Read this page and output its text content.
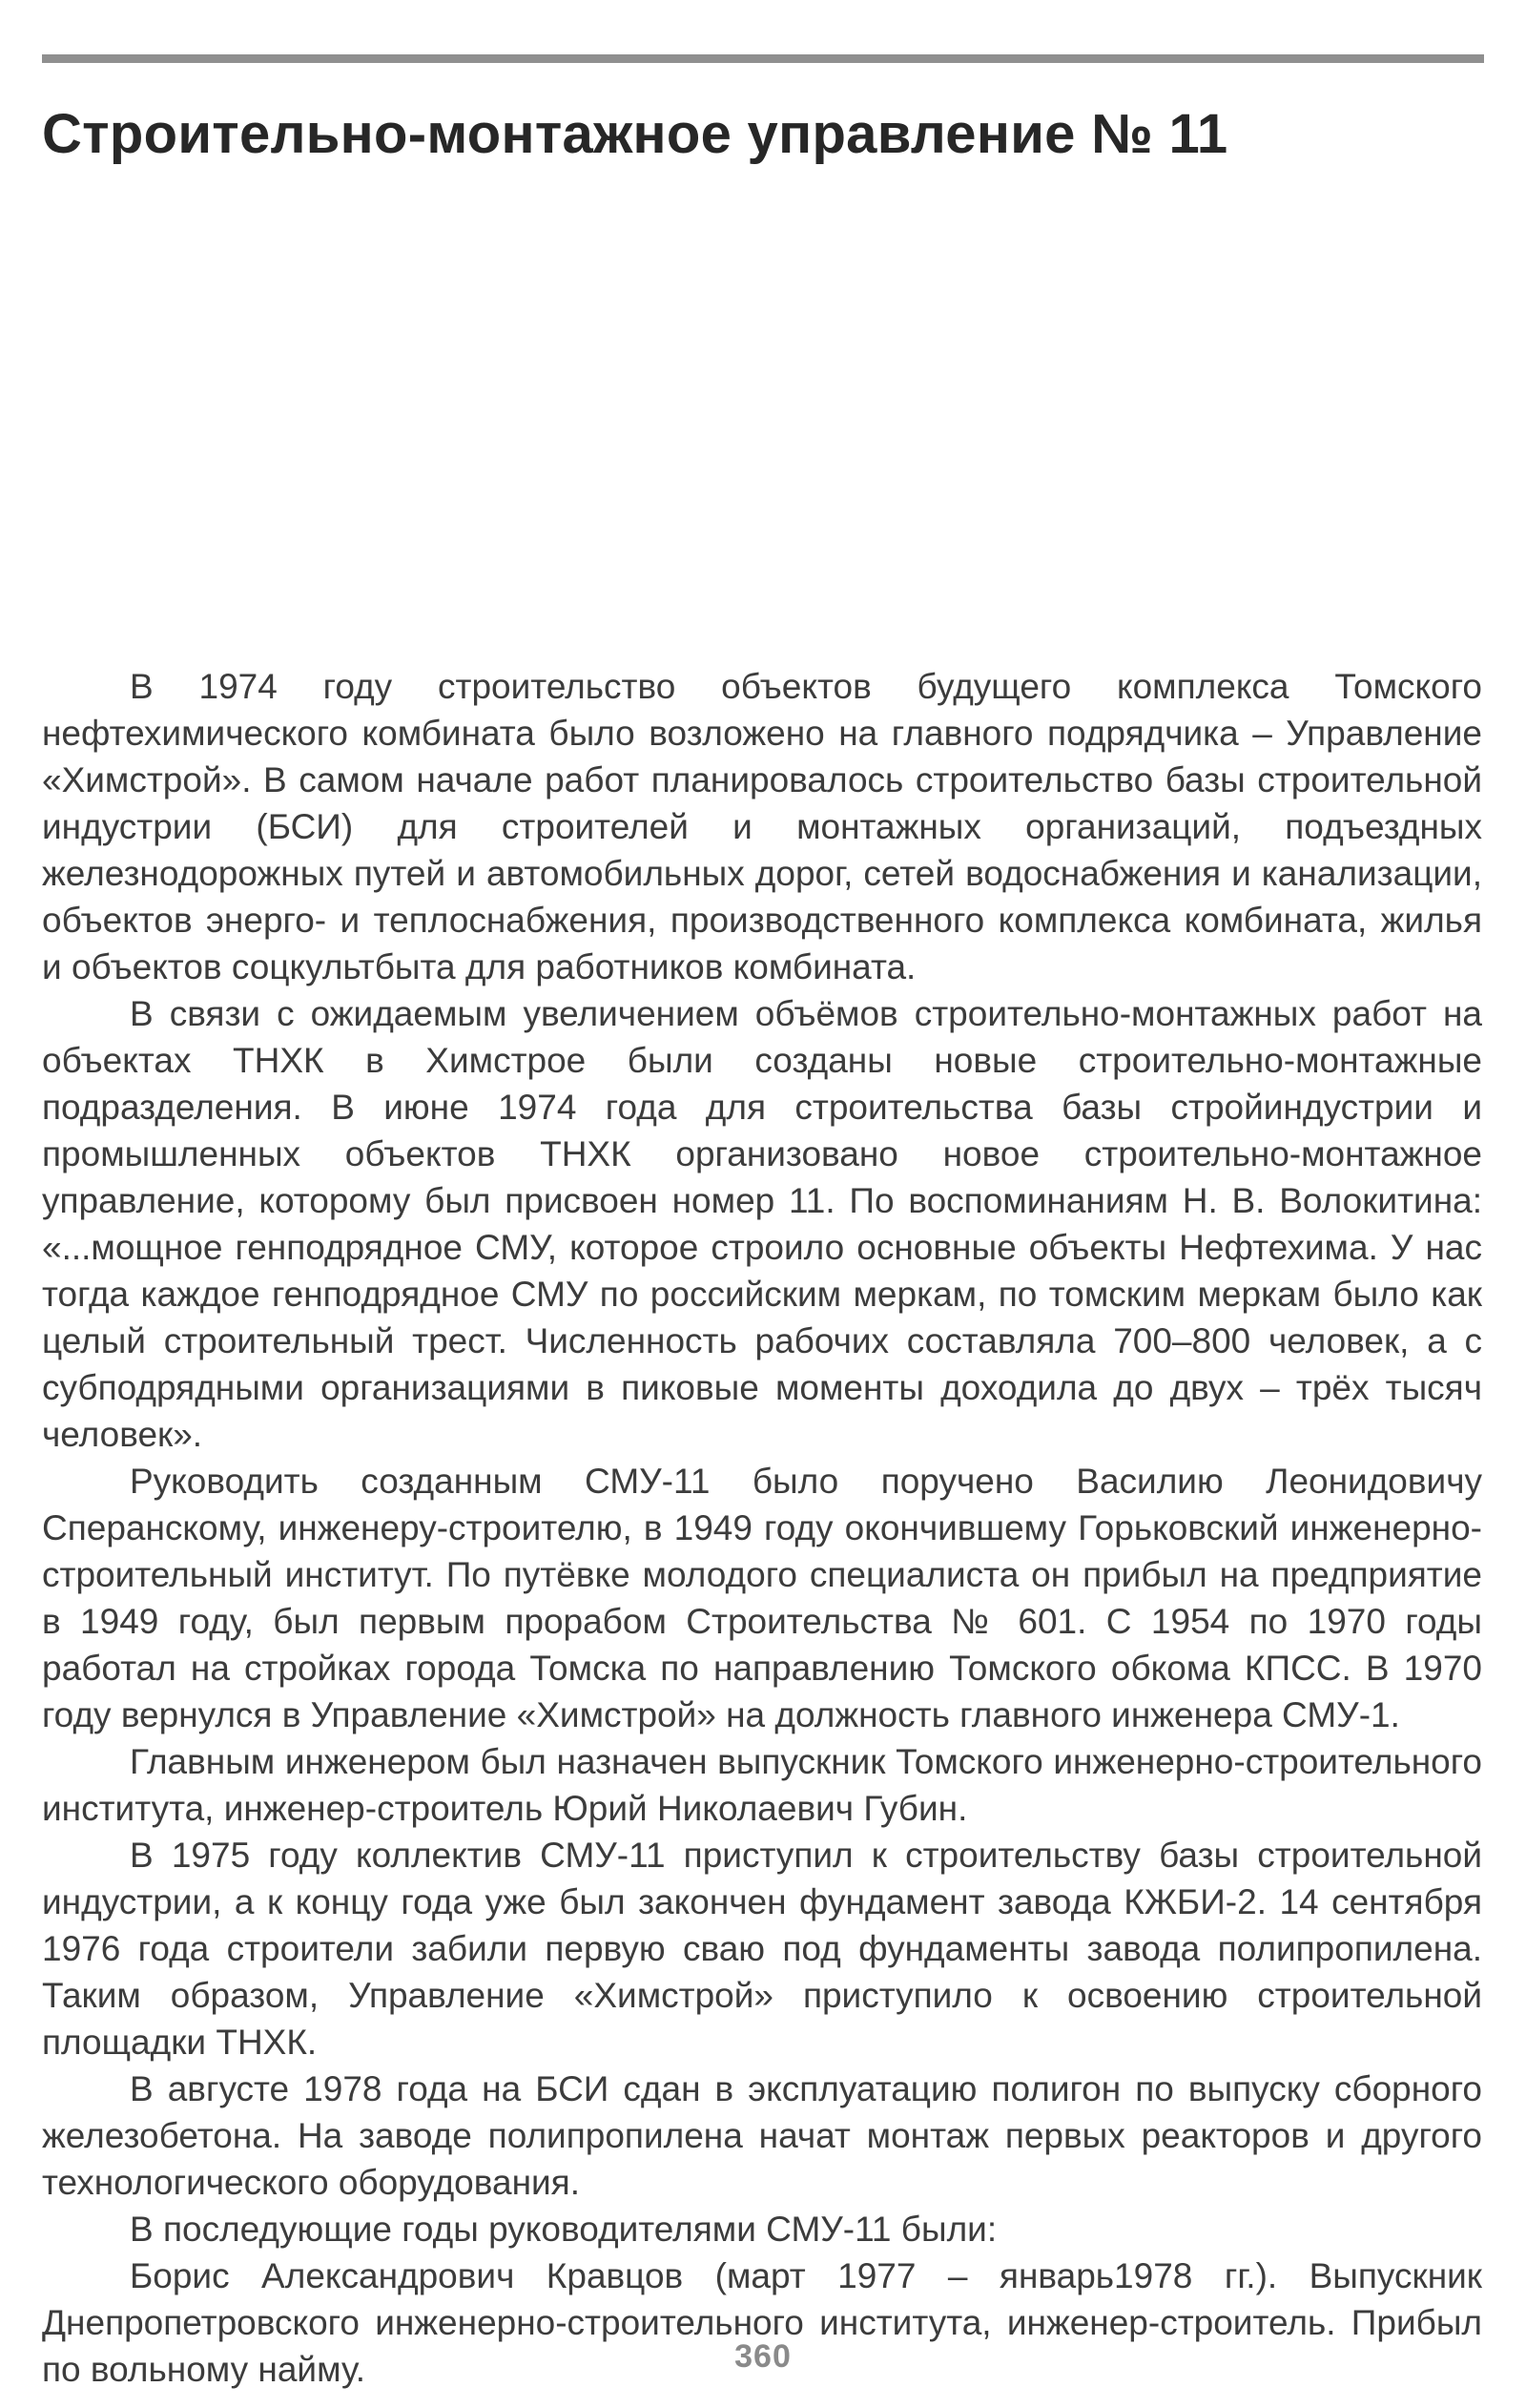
Строительно-монтажное управление № 11

В 1974 году строительство объектов будущего комплекса Томского нефтехимического комбината было возложено на главного подрядчика – Управление «Химстрой». В самом начале работ планировалось строительство базы строительной индустрии (БСИ) для строителей и монтажных организаций, подъездных железнодорожных путей и автомобильных дорог, сетей водоснабжения и канализации, объектов энерго- и теплоснабжения, производственного комплекса комбината, жилья и объектов соцкультбыта для работников комбината.

В связи с ожидаемым увеличением объёмов строительно-монтажных работ на объектах ТНХК в Химстрое были созданы новые строительно-монтажные подразделения. В июне 1974 года для строительства базы стройиндустрии и промышленных объектов ТНХК организовано новое строительно-монтажное управление, которому был присвоен номер 11. По воспоминаниям Н. В. Волокитина: «...мощное генподрядное СМУ, которое строило основные объекты Нефтехима. У нас тогда каждое генподрядное СМУ по российским меркам, по томским меркам было как целый строительный трест. Численность рабочих составляла 700–800 человек, а с субподрядными организациями в пиковые моменты доходила до двух – трёх тысяч человек».

Руководить созданным СМУ-11 было поручено Василию Леонидовичу Сперанскому, инженеру-строителю, в 1949 году окончившему Горьковский инженерно-строительный институт. По путёвке молодого специалиста он прибыл на предприятие в 1949 году, был первым прорабом Строительства № 601. С 1954 по 1970 годы работал на стройках города Томска по направлению Томского обкома КПСС. В 1970 году вернулся в Управление «Химстрой» на должность главного инженера СМУ-1.

Главным инженером был назначен выпускник Томского инженерно-строительного института, инженер-строитель Юрий Николаевич Губин.

В 1975 году коллектив СМУ-11 приступил к строительству базы строительной индустрии, а к концу года уже был закончен фундамент завода КЖБИ-2. 14 сентября 1976 года строители забили первую сваю под фундаменты завода полипропилена. Таким образом, Управление «Химстрой» приступило к освоению строительной площадки ТНХК.

В августе 1978 года на БСИ сдан в эксплуатацию полигон по выпуску сборного железобетона. На заводе полипропилена начат монтаж первых реакторов и другого технологического оборудования.

В последующие годы руководителями СМУ-11 были:

Борис Александрович Кравцов (март 1977 – январь1978 гг.). Выпускник Днепропетровского инженерно-строительного института, инженер-строитель. Прибыл по вольному найму.	360
